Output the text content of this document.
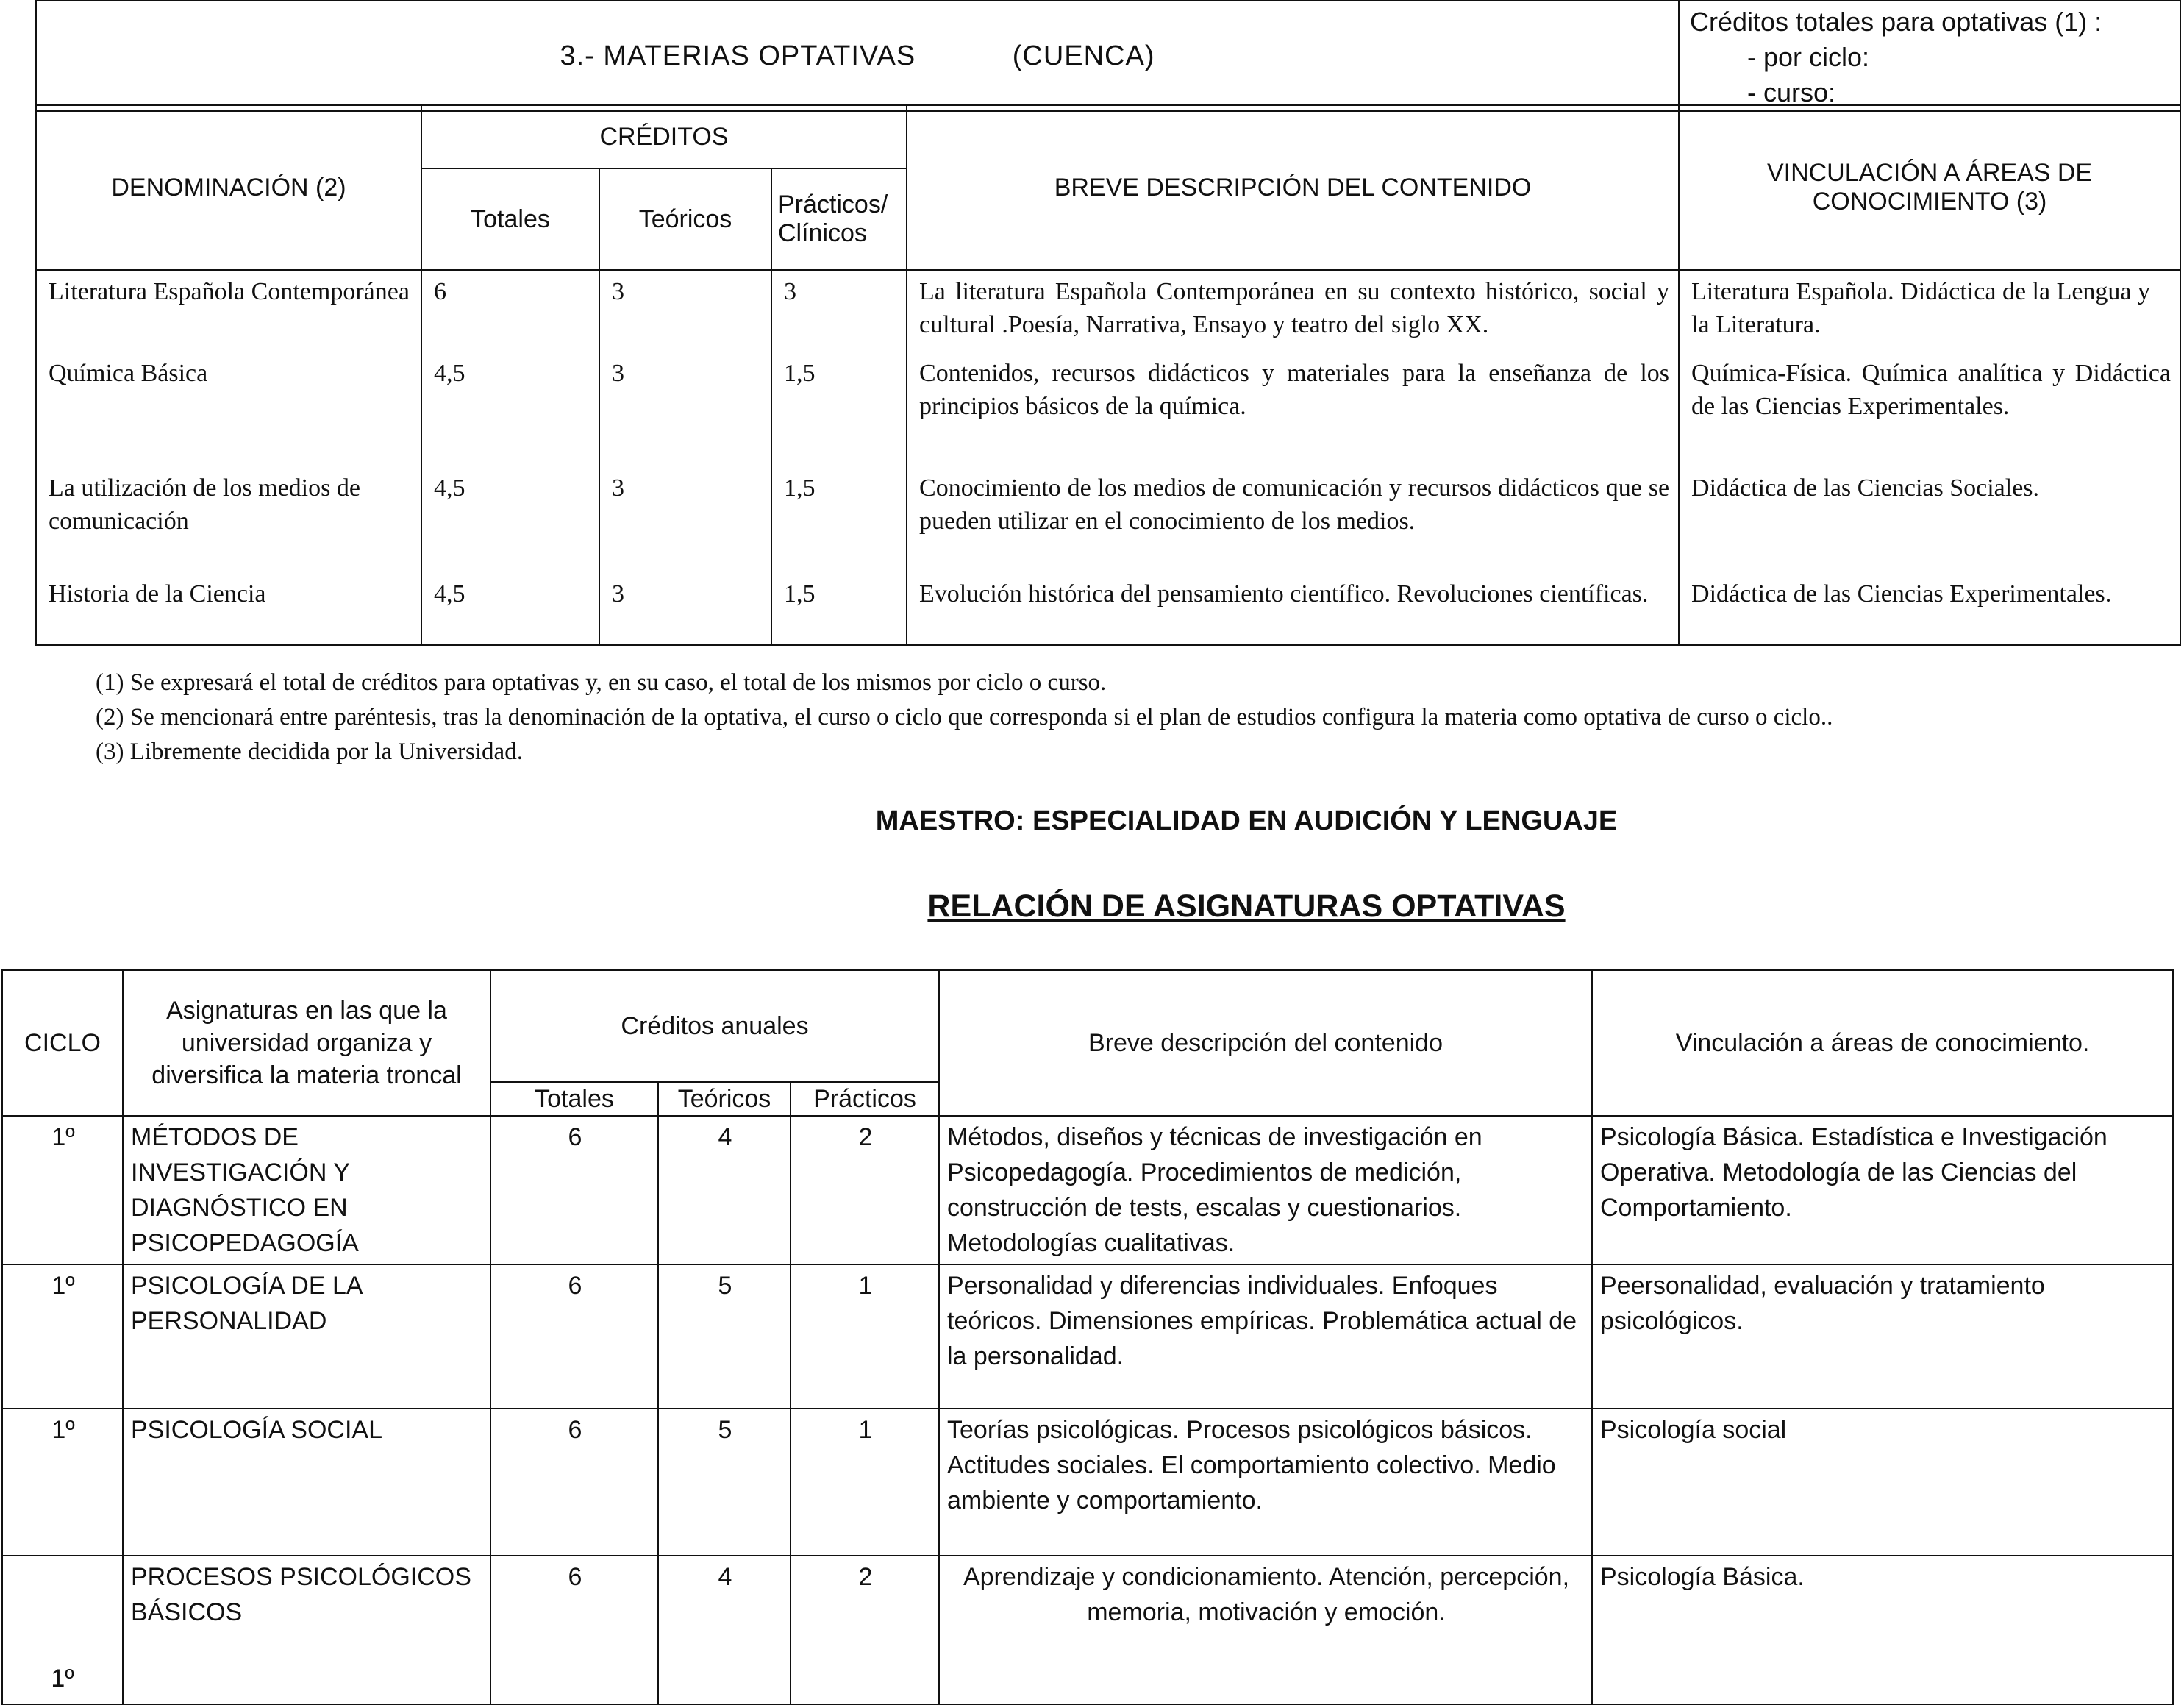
3.- MATERIAS OPTATIVAS	(CUENCA)	
Créditos totales para optativas (1) :
- por ciclo:
- curso:
DENOMINACIÓN (2)	CRÉDITOS			BREVE DESCRIPCIÓN DEL CONTENIDO	VINCULACIÓN A ÁREAS DE CONOCIMIENTO (3)
	Totales	Teóricos	Prácticos/ Clínicos		
Literatura Española Contemporánea	6	3	3	La literatura Española Contemporánea en su contexto histórico, social y cultural .Poesía, Narrativa, Ensayo y teatro del siglo XX.	Literatura Española. Didáctica de la Lengua y la Literatura.
Química Básica	4,5	3	1,5	Contenidos, recursos didácticos y materiales para la enseñanza de los principios básicos de la química.	Química-Física. Química analítica y Didáctica de las Ciencias Experimentales.
La utilización de los medios de comunicación	4,5	3	1,5	Conocimiento de los medios de comunicación y recursos didácticos que se pueden utilizar en el conocimiento de los medios.	Didáctica de las Ciencias Sociales.
Historia de la Ciencia	4,5	3	1,5	Evolución histórica del pensamiento científico. Revoluciones científicas.	Didáctica de las Ciencias Experimentales.
(1) Se expresará el total de créditos para optativas y, en su caso, el total de los mismos por ciclo o curso.
(2) Se mencionará entre paréntesis, tras la denominación de la optativa, el curso o ciclo que corresponda si el plan de estudios configura la materia como optativa de curso o ciclo..
(3) Libremente decidida por la Universidad.
MAESTRO: ESPECIALIDAD EN AUDICIÓN Y LENGUAJE
RELACIÓN DE ASIGNATURAS OPTATIVAS
CICLO	Asignaturas en las que la universidad organiza y diversifica la materia troncal	Créditos anuales			Breve descripción del contenido	Vinculación a áreas de conocimiento.
		Totales	Teóricos	Prácticos		
1º	MÉTODOS DE INVESTIGACIÓN Y DIAGNÓSTICO EN PSICOPEDAGOGÍA	6	4	2	Métodos, diseños y técnicas de investigación en Psicopedagogía. Procedimientos de medición, construcción de tests, escalas y cuestionarios. Metodologías cualitativas.	Psicología Básica. Estadística e Investigación Operativa. Metodología de las Ciencias del Comportamiento.
1º	PSICOLOGÍA DE LA PERSONALIDAD	6	5	1	Personalidad y diferencias individuales. Enfoques teóricos. Dimensiones empíricas. Problemática actual de la personalidad.	Peersonalidad, evaluación y tratamiento psicológicos.
1º	PSICOLOGÍA SOCIAL	6	5	1	Teorías psicológicas. Procesos psicológicos básicos. Actitudes sociales. El comportamiento colectivo. Medio ambiente y comportamiento.	Psicología social

1º	PROCESOS PSICOLÓGICOS BÁSICOS	6	4	2	Aprendizaje y condicionamiento. Atención, percepción, memoria, motivación y emoción.	Psicología Básica.
